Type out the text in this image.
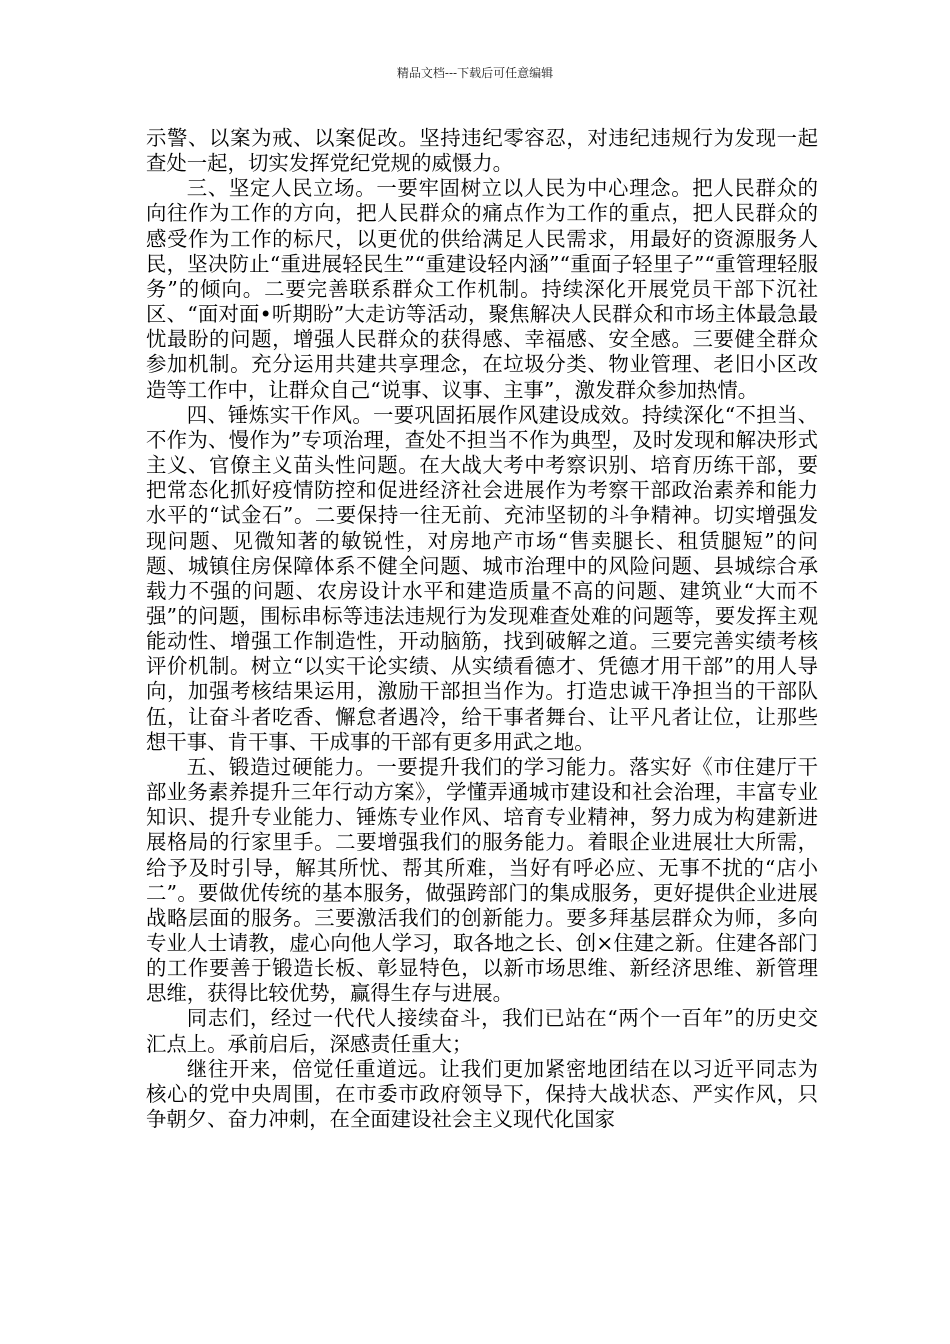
精品文档---下载后可任意编辑

示警、以案为戒、以案促改。坚持违纪零容忍，对违纪违规行为发现一起查处一起，切实发挥党纪党规的威慑力。

三、坚定人民立场。一要牢固树立以人民为中心理念。把人民群众的向往作为工作的方向，把人民群众的痛点作为工作的重点，把人民群众的感受作为工作的标尺，以更优的供给满足人民需求，用最好的资源服务人民，坚决防止“重进展轻民生”“重建设轻内涵”“重面子轻里子”“重管理轻服务”的倾向。二要完善联系群众工作机制。持续深化开展党员干部下沉社区、“面对面•听期盼”大走访等活动，聚焦解决人民群众和市场主体最急最忧最盼的问题，增强人民群众的获得感、幸福感、安全感。三要健全群众参加机制。充分运用共建共享理念，在垃圾分类、物业管理、老旧小区改造等工作中，让群众自己“说事、议事、主事”，激发群众参加热情。

四、锤炼实干作风。一要巩固拓展作风建设成效。持续深化“不担当、不作为、慢作为”专项治理，查处不担当不作为典型，及时发现和解决形式主义、官僚主义苗头性问题。在大战大考中考察识别、培育历练干部，要把常态化抓好疫情防控和促进经济社会进展作为考察干部政治素养和能力水平的“试金石”。二要保持一往无前、充沛坚韧的斗争精神。切实增强发现问题、见微知著的敏锐性，对房地产市场“售卖腿长、租赁腿短”的问题、城镇住房保障体系不健全问题、城市治理中的风险问题、县城综合承载力不强的问题、农房设计水平和建造质量不高的问题、建筑业“大而不强”的问题，围标串标等违法违规行为发现难查处难的问题等，要发挥主观能动性、增强工作制造性，开动脑筋，找到破解之道。三要完善实绩考核评价机制。树立“以实干论实绩、从实绩看德才、凭德才用干部”的用人导向，加强考核结果运用，激励干部担当作为。打造忠诚干净担当的干部队伍，让奋斗者吃香、懈怠者遇冷，给干事者舞台、让平凡者让位，让那些想干事、肯干事、干成事的干部有更多用武之地。

五、锻造过硬能力。一要提升我们的学习能力。落实好《市住建厅干部业务素养提升三年行动方案》，学懂弄通城市建设和社会治理，丰富专业知识、提升专业能力、锤炼专业作风、培育专业精神，努力成为构建新进展格局的行家里手。二要增强我们的服务能力。着眼企业进展壮大所需，给予及时引导，解其所忧、帮其所难，当好有呼必应、无事不扰的“店小二”。要做优传统的基本服务，做强跨部门的集成服务，更好提供企业进展战略层面的服务。三要激活我们的创新能力。要多拜基层群众为师，多向专业人士请教，虚心向他人学习，取各地之长、创×住建之新。住建各部门的工作要善于锻造长板、彰显特色，以新市场思维、新经济思维、新管理思维，获得比较优势，赢得生存与进展。

同志们，经过一代代人接续奋斗，我们已站在“两个一百年”的历史交汇点上。承前启后，深感责任重大；

继往开来，倍觉任重道远。让我们更加紧密地团结在以习近平同志为核心的党中央周围，在市委市政府领导下，保持大战状态、严实作风，只争朝夕、奋力冲刺，在全面建设社会主义现代化国家
